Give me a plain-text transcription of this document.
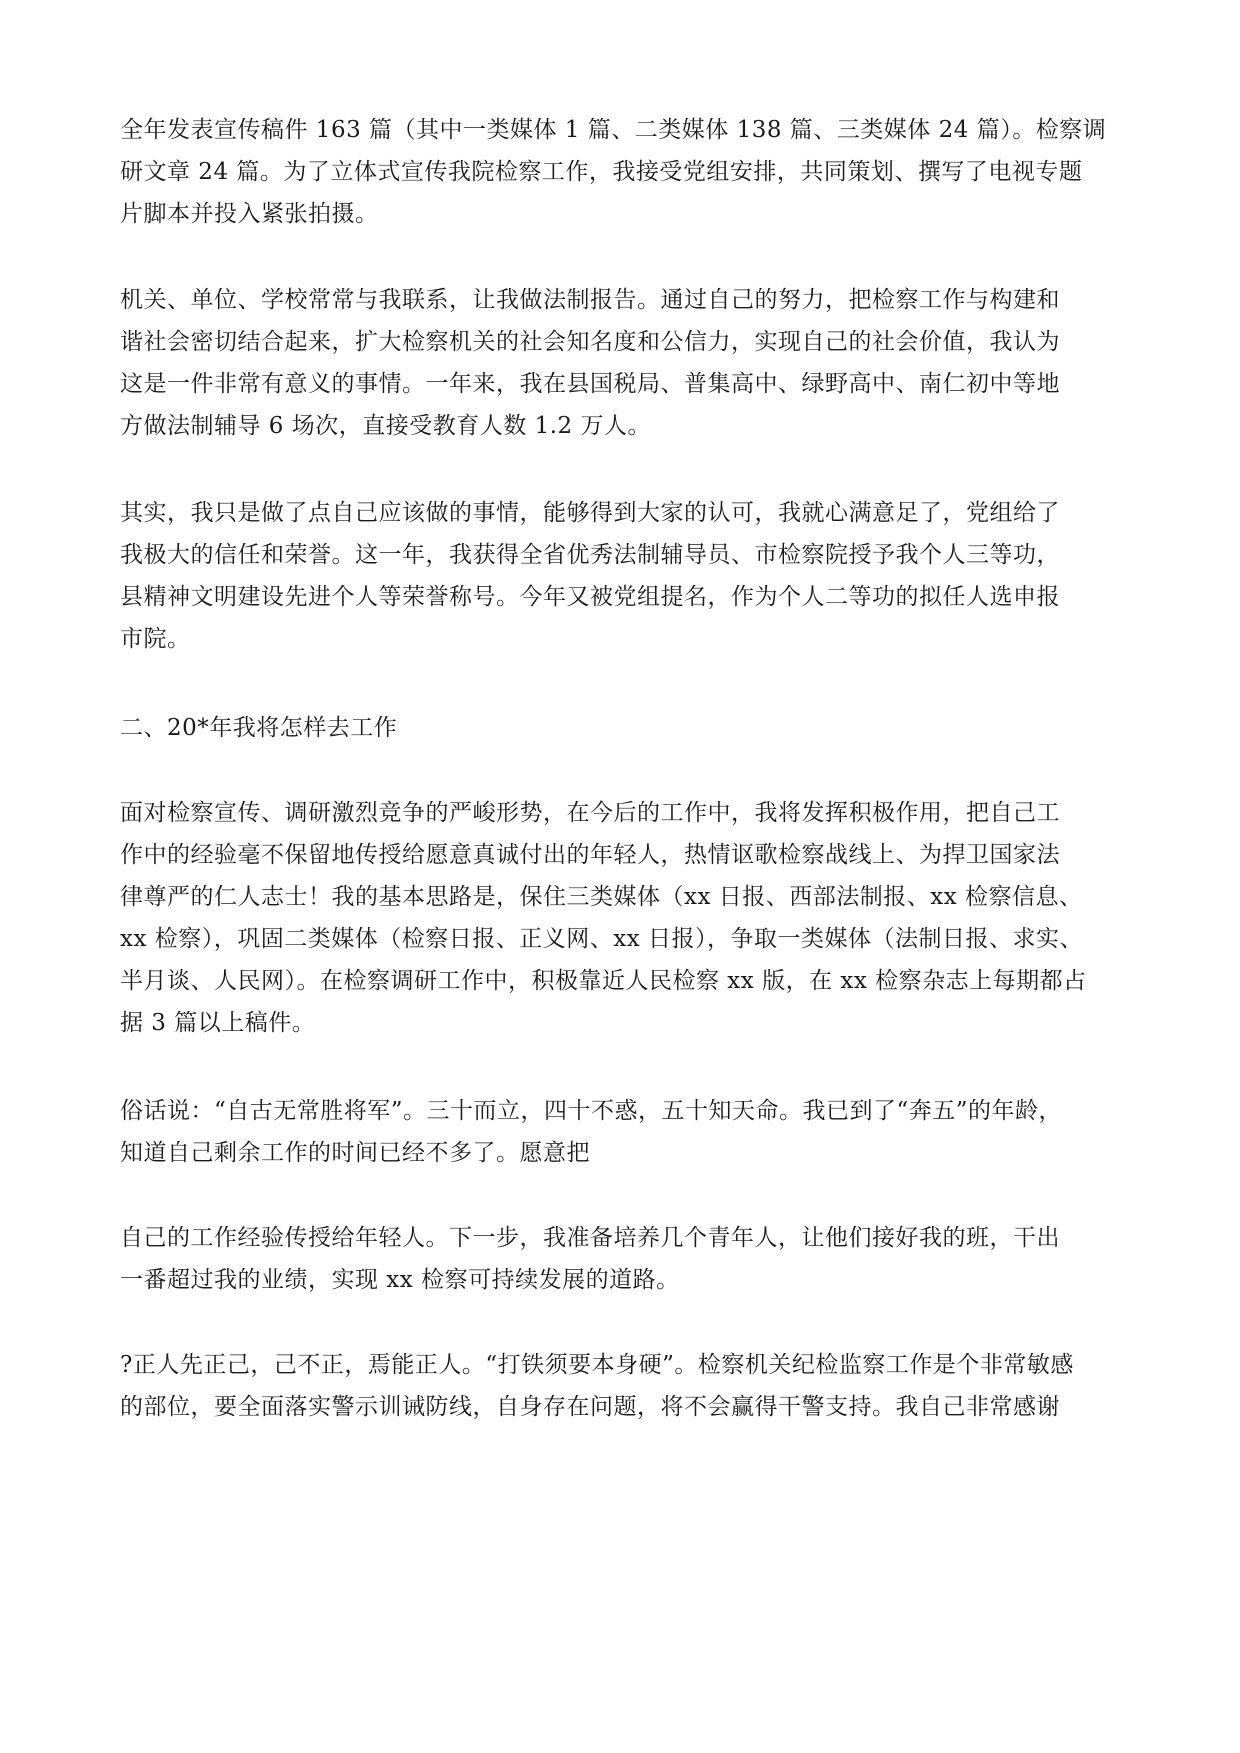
全年发表宣传稿件 163 篇（其中一类媒体 1 篇、二类媒体 138 篇、三类媒体 24 篇）。检察调
研文章 24 篇。为了立体式宣传我院检察工作，我接受党组安排，共同策划、撰写了电视专题
片脚本并投入紧张拍摄。
机关、单位、学校常常与我联系，让我做法制报告。通过自己的努力，把检察工作与构建和
谐社会密切结合起来，扩大检察机关的社会知名度和公信力，实现自己的社会价值，我认为
这是一件非常有意义的事情。一年来，我在县国税局、普集高中、绿野高中、南仁初中等地
方做法制辅导 6 场次，直接受教育人数 1.2 万人。
其实，我只是做了点自己应该做的事情，能够得到大家的认可，我就心满意足了，党组给了
我极大的信任和荣誉。这一年，我获得全省优秀法制辅导员、市检察院授予我个人三等功，
县精神文明建设先进个人等荣誉称号。今年又被党组提名，作为个人二等功的拟任人选申报
市院。
二、20*年我将怎样去工作
面对检察宣传、调研激烈竞争的严峻形势，在今后的工作中，我将发挥积极作用，把自己工
作中的经验毫不保留地传授给愿意真诚付出的年轻人，热情讴歌检察战线上、为捍卫国家法
律尊严的仁人志士！我的基本思路是，保住三类媒体（xx 日报、西部法制报、xx 检察信息、
xx 检察），巩固二类媒体（检察日报、正义网、xx 日报），争取一类媒体（法制日报、求实、
半月谈、人民网）。在检察调研工作中，积极靠近人民检察 xx 版，在 xx 检察杂志上每期都占
据 3 篇以上稿件。
俗话说：“自古无常胜将军”。三十而立，四十不惑，五十知天命。我已到了“奔五”的年龄，
知道自己剩余工作的时间已经不多了。愿意把
自己的工作经验传授给年轻人。下一步，我准备培养几个青年人，让他们接好我的班，干出
一番超过我的业绩，实现 xx 检察可持续发展的道路。
?正人先正己，己不正，焉能正人。“打铁须要本身硬”。检察机关纪检监察工作是个非常敏感
的部位，要全面落实警示训诫防线，自身存在问题，将不会赢得干警支持。我自己非常感谢
